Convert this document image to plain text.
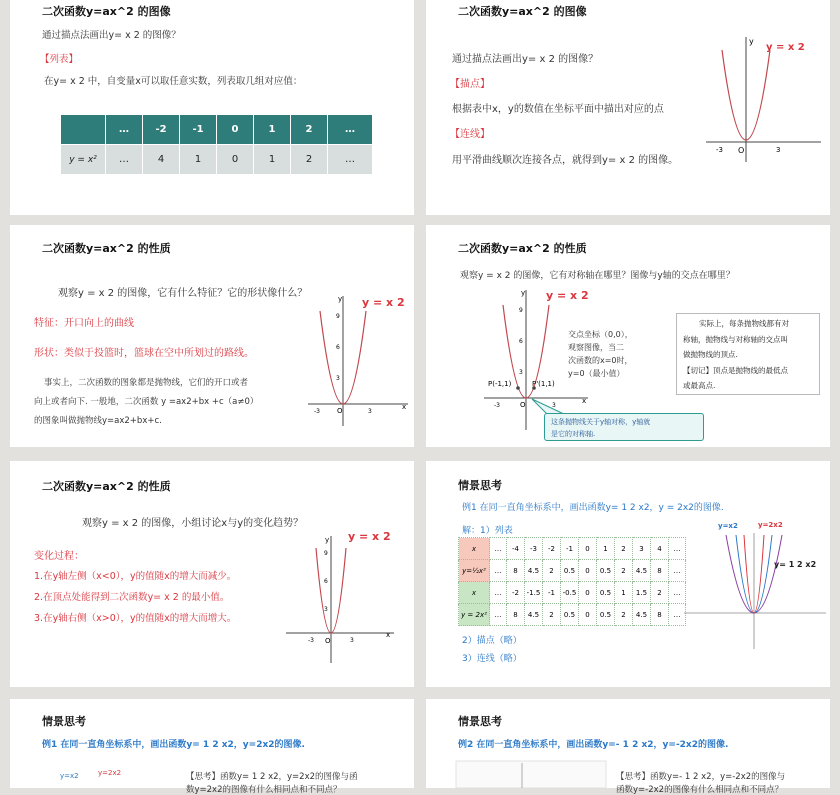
二次函数y=ax^2 的图像
通过描点法画出y= x 2 的图像？
【列表】
在y= x 2 中，自变量x可以取任意实数，列表取几组对应值：
	…	-2	-1	0	1	2	…
y = x²	…	4	1	0	1	2	…
二次函数y=ax^2 的图像
通过描点法画出y= x 2 的图像？
【描点】
根据表中x，y的数值在坐标平面中描出对应的点
【连线】
用平滑曲线顺次连接各点，就得到y= x 2 的图像。
y
y = x 2
O
-3	3
二次函数y=ax^2 的性质
观察y = x 2 的图像，它有什么特征？它的形状像什么？
特征：开口向上的曲线
形状：类似于投篮时，篮球在空中所划过的路线。
事实上，二次函数的图象都是抛物线，它们的开口或者
向上或者向下. 一般地，二次函数 y =ax2+bx +c（a≠0）
的图象叫做抛物线y=ax2+bx+c.
y
9
6
3
O
-3	3
x
y = x 2
二次函数y=ax^2 的性质
观察y = x 2 的图像，它有对称轴在哪里？图像与y轴的交点在哪里？
y
9
6
3
O
-3	3
x
P(-1,1)	P'(1,1)
y = x 2
交点坐标（0,0），
观察图像，当二
次函数的x=0时，
y=0（最小值）
实际上，每条抛物线都有对
称轴，抛物线与对称轴的交点叫
做抛物线的顶点.
【切记】顶点是抛物线的最低点
或最高点.
这条抛物线关于y轴对称，y轴就
是它的对称轴.
二次函数y=ax^2 的性质
观察y = x 2 的图像，小组讨论x与y的变化趋势？
变化过程：
1.在y轴左侧（x<0），y的值随x的增大而减少。
2.在顶点处能得到二次函数y= x 2 的最小值。
3.在y轴右侧（x>0），y的值随x的增大而增大。
y
9
6
3
O
-3	3
x
y = x 2
情景思考
例1 在同一直角坐标系中，画出函数y= 1 2 x2，y = 2x2的图像.
解：1）列表
x	…	-4	-3	-2	-1	0	1	2	3	4	…
y=½x²	…	8	4.5	2	0.5	0	0.5	2	4.5	8	…
x	…	-2	-1.5	-1	-0.5	0	0.5	1	1.5	2	…
y = 2x²	…	8	4.5	2	0.5	0	0.5	2	4.5	8	…
2）描点（略）
3）连线（略）
y=x2	y=2x2
y= 1 2 x2
情景思考
例1 在同一直角坐标系中，画出函数y= 1 2 x2，y=2x2的图像.
y=x2	y=2x2	【思考】函数y= 1 2 x2，y=2x2的图像与函
数y=2x2的图像有什么相同点和不同点？
情景思考
例2 在同一直角坐标系中，画出函数y=- 1 2 x2，y=-2x2的图像.
【思考】函数y=- 1 2 x2，y=-2x2的图像与
函数y=-2x2的图像有什么相同点和不同点？
